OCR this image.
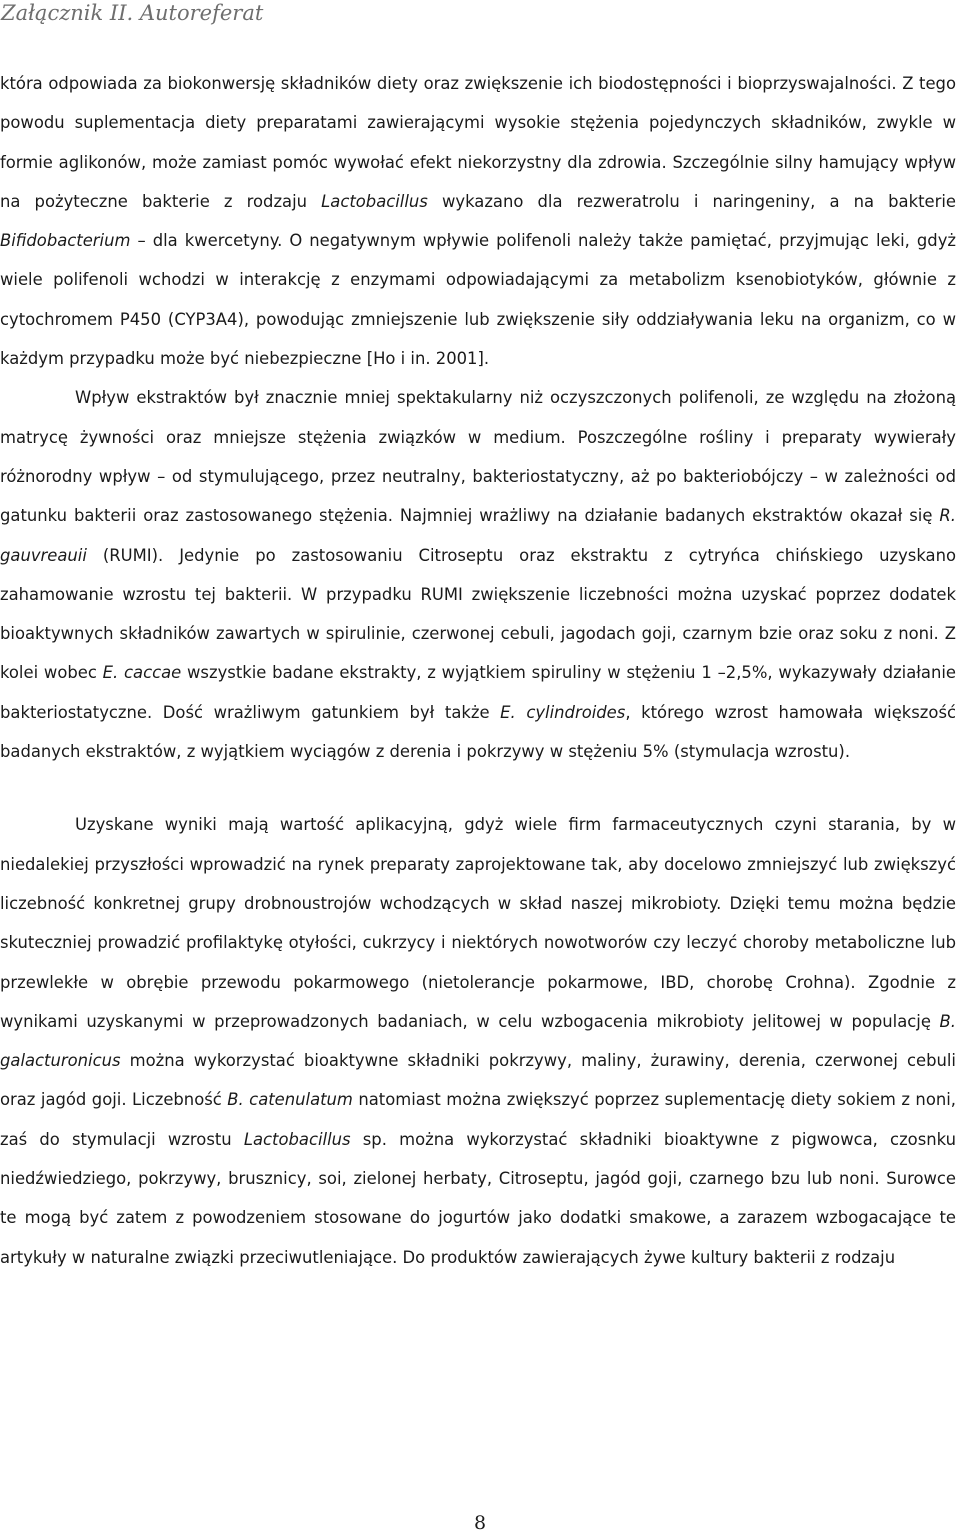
Załącznik II. Autoreferat

która odpowiada za biokonwersję składników diety oraz zwiększenie ich biodostępności i bioprzyswajalności. Z tego powodu suplementacja diety preparatami zawierającymi wysokie stężenia pojedynczych składników, zwykle w formie aglikonów, może zamiast pomóc wywołać efekt niekorzystny dla zdrowia. Szczególnie silny hamujący wpływ na pożyteczne bakterie z rodzaju Lactobacillus wykazano dla rezweratrolu i naringeniny, a na bakterie Bifidobacterium – dla kwercetyny. O negatywnym wpływie polifenoli należy także pamiętać, przyjmując leki, gdyż wiele polifenoli wchodzi w interakcję z enzymami odpowiadającymi za metabolizm ksenobiotyków, głównie z cytochromem P450 (CYP3A4), powodując zmniejszenie lub zwiększenie siły oddziaływania leku na organizm, co w każdym przypadku może być niebezpieczne [Ho i in. 2001].

Wpływ ekstraktów był znacznie mniej spektakularny niż oczyszczonych polifenoli, ze względu na złożoną matrycę żywności oraz mniejsze stężenia związków w medium. Poszczególne rośliny i preparaty wywierały różnorodny wpływ – od stymulującego, przez neutralny, bakteriostatyczny, aż po bakteriobójczy – w zależności od gatunku bakterii oraz zastosowanego stężenia. Najmniej wrażliwy na działanie badanych ekstraktów okazał się R. gauvreauii (RUMI). Jedynie po zastosowaniu Citroseptu oraz ekstraktu z cytryńca chińskiego uzyskano zahamowanie wzrostu tej bakterii. W przypadku RUMI zwiększenie liczebności można uzyskać poprzez dodatek bioaktywnych składników zawartych w spirulinie, czerwonej cebuli, jagodach goji, czarnym bzie oraz soku z noni. Z kolei wobec E. caccae wszystkie badane ekstrakty, z wyjątkiem spiruliny w stężeniu 1 –2,5%, wykazywały działanie bakteriostatyczne. Dość wrażliwym gatunkiem był także E. cylindroides, którego wzrost hamowała większość badanych ekstraktów, z wyjątkiem wyciągów z derenia i pokrzywy w stężeniu 5% (stymulacja wzrostu).

Uzyskane wyniki mają wartość aplikacyjną, gdyż wiele firm farmaceutycznych czyni starania, by w niedalekiej przyszłości wprowadzić na rynek preparaty zaprojektowane tak, aby docelowo zmniejszyć lub zwiększyć liczebność konkretnej grupy drobnoustrojów wchodzących w skład naszej mikrobioty. Dzięki temu można będzie skuteczniej prowadzić profilaktykę otyłości, cukrzycy i niektórych nowotworów czy leczyć choroby metaboliczne lub przewlekłe w obrębie przewodu pokarmowego (nietolerancje pokarmowe, IBD, chorobę Crohna). Zgodnie z wynikami uzyskanymi w przeprowadzonych badaniach, w celu wzbogacenia mikrobioty jelitowej w populację B. galacturonicus można wykorzystać bioaktywne składniki pokrzywy, maliny, żurawiny, derenia, czerwonej cebuli oraz jagód goji. Liczebność B. catenulatum natomiast można zwiększyć poprzez suplementację diety sokiem z noni, zaś do stymulacji wzrostu Lactobacillus sp. można wykorzystać składniki bioaktywne z pigwowca, czosnku niedźwiedziego, pokrzywy, brusznicy, soi, zielonej herbaty, Citroseptu, jagód goji, czarnego bzu lub noni. Surowce te mogą być zatem z powodzeniem stosowane do jogurtów jako dodatki smakowe, a zarazem wzbogacające te artykuły w naturalne związki przeciwutleniające. Do produktów zawierających żywe kultury bakterii z rodzaju

8
